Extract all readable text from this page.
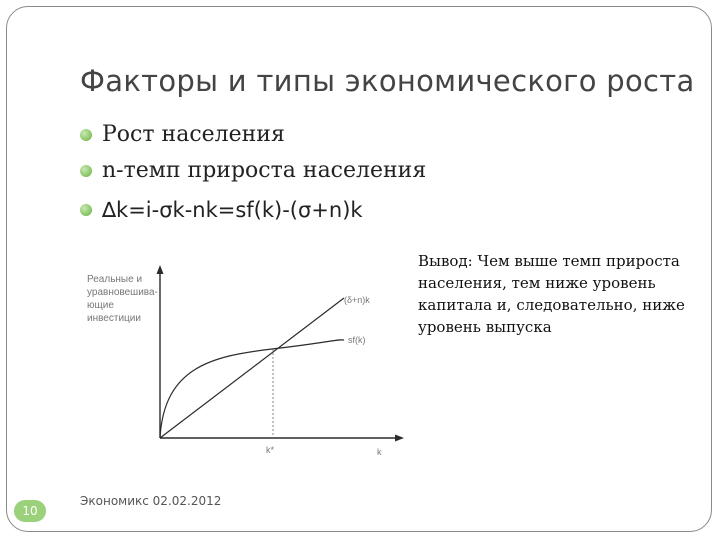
Факторы и типы экономического роста
Рост населения
n-темп прироста населения
∆k=i-σk-nk=sf(k)-(σ+n)k
Реальные и
уравновешива-
ющие
инвестиции
(δ+n)k
sf(k)
k*	k
Вывод: Чем выше темп прироста населения, тем ниже уровень капитала и, следовательно, ниже уровень выпуска
10
Экономикс 02.02.2012
